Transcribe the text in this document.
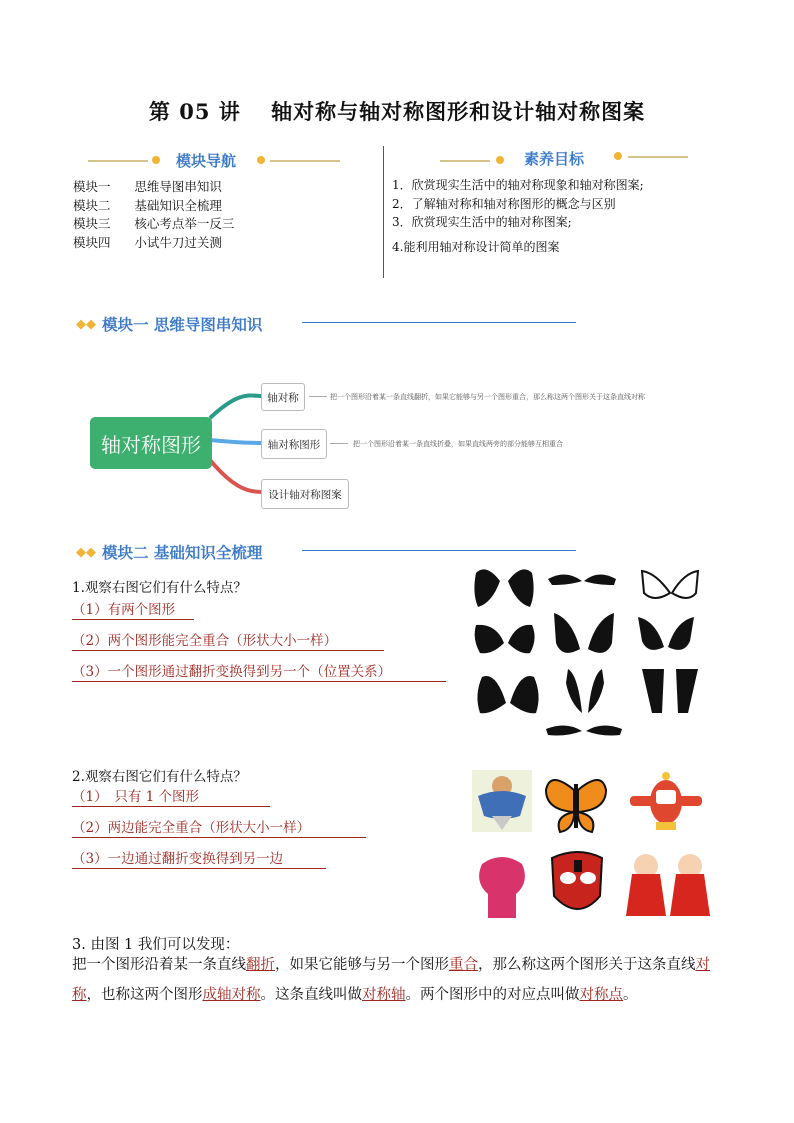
第 05 讲　 轴对称与轴对称图形和设计轴对称图案
模块导航
模块一 思维导图串知识
模块二 基础知识全梳理
模块三 核心考点举一反三
模块四 小试牛刀过关测
素养目标
1．欣赏现实生活中的轴对称现象和轴对称图案;
2．了解轴对称和轴对称图形的概念与区别
3．欣赏现实生活中的轴对称图案;
4.能利用轴对称设计简单的图案
◆◆ 模块一 思维导图串知识
轴对称图形
轴对称	把一个图形沿着某一条直线翻折，如果它能够与另一个图形重合，那么称这两个图形关于这条直线对称
轴对称图形	把一个图形沿着某一条直线折叠，如果直线两旁的部分能够互相重合
设计轴对称图案
◆◆ 模块二 基础知识全梳理
1.观察右图它们有什么特点？
（1）有两个图形
（2）两个图形能完全重合（形状大小一样）
（3）一个图形通过翻折变换得到另一个（位置关系）
2.观察右图它们有什么特点？
（1）　只有 1 个图形
（2）两边能完全重合（形状大小一样）
（3）一边通过翻折变换得到另一边
3. 由图 1 我们可以发现：
把一个图形沿着某一条直线翻折，如果它能够与另一个图形重合，那么称这两个图形关于这条直线对称，也称这两个图形成轴对称。这条直线叫做对称轴。两个图形中的对应点叫做对称点。
